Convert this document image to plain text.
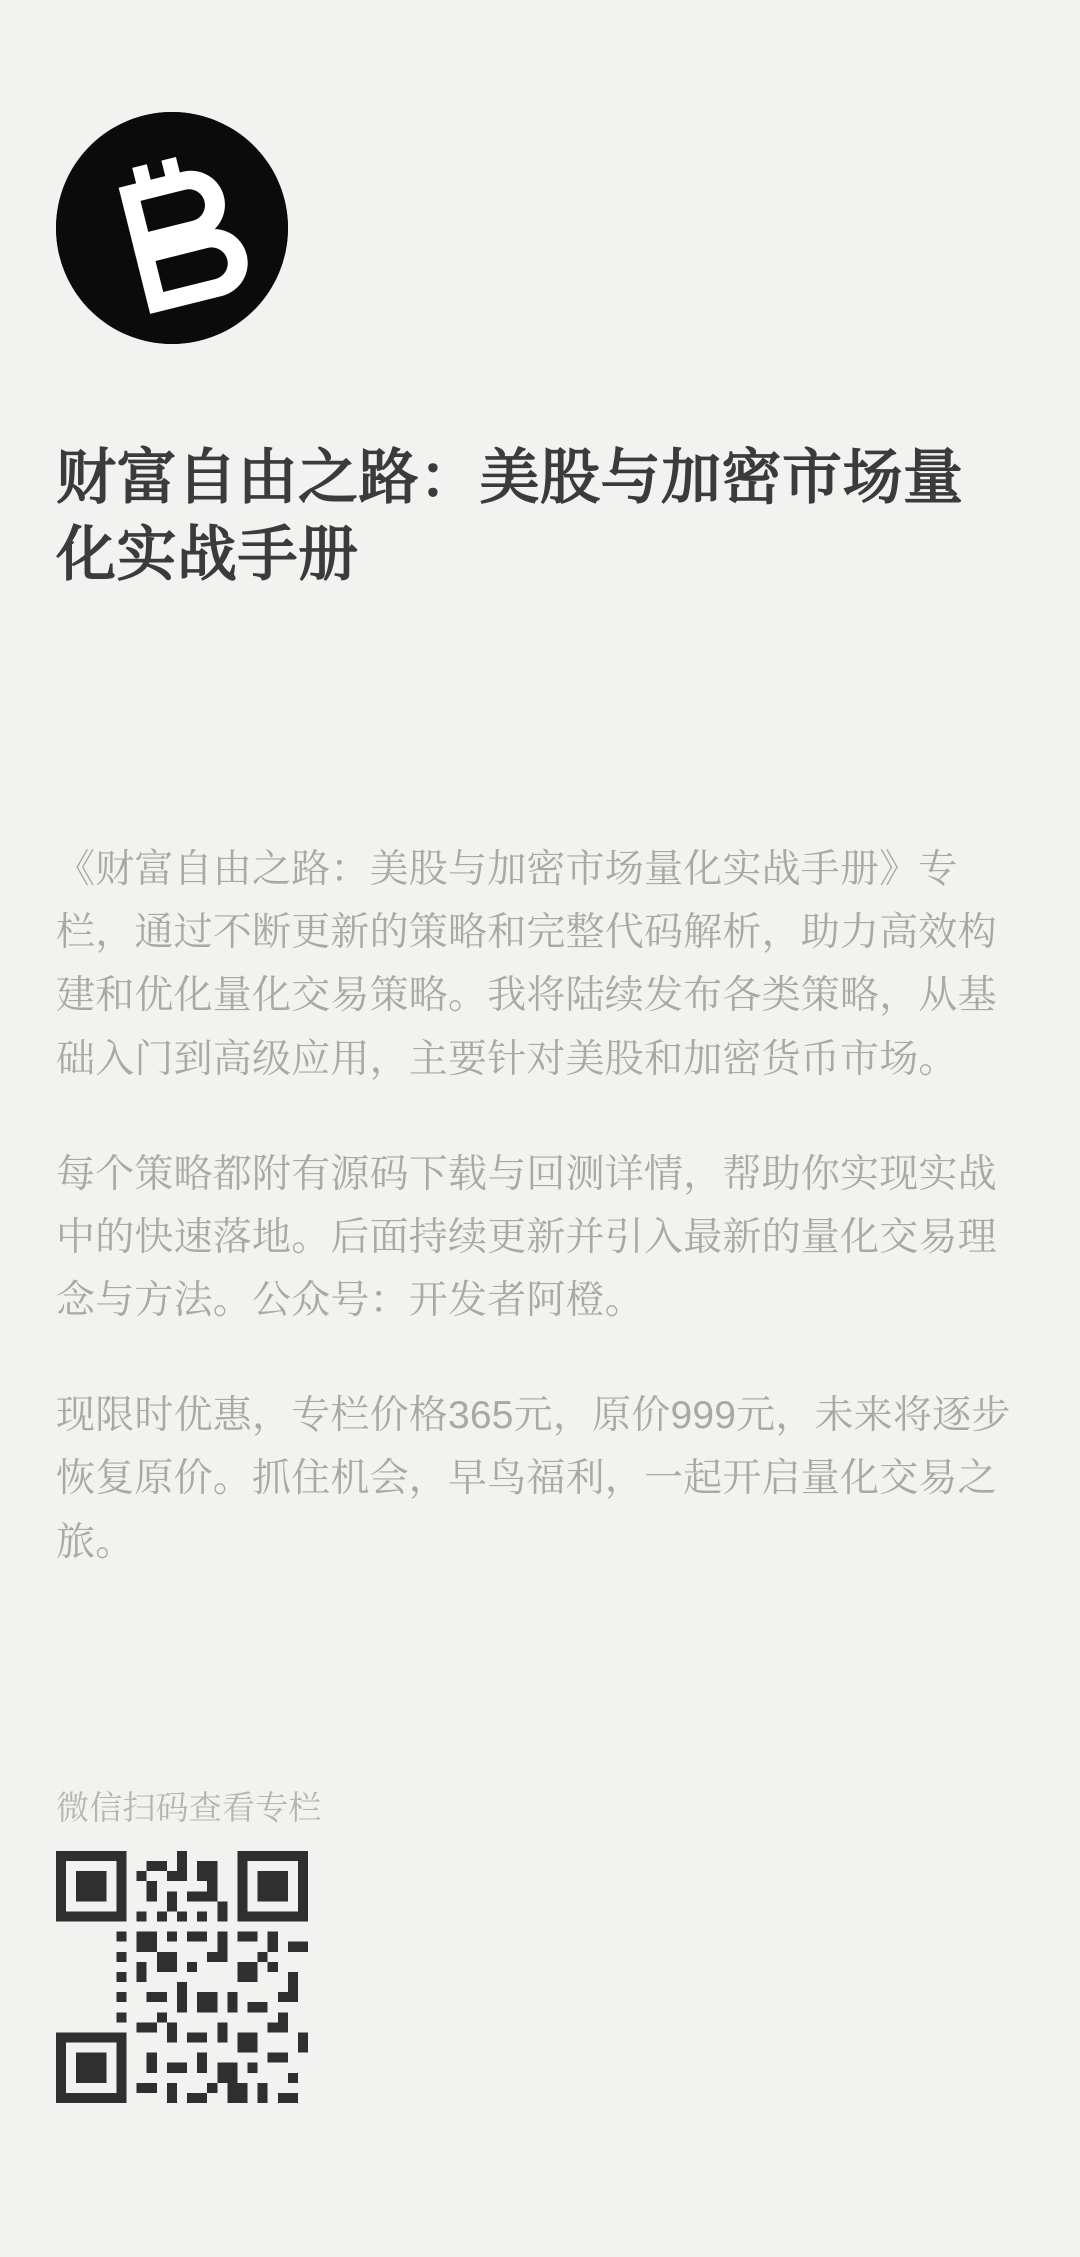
财富自由之路：美股与加密市场量化实战手册

《财富自由之路：美股与加密市场量化实战手册》专栏，通过不断更新的策略和完整代码解析，助力高效构建和优化量化交易策略。我将陆续发布各类策略，从基础入门到高级应用，主要针对美股和加密货币市场。

每个策略都附有源码下载与回测详情，帮助你实现实战中的快速落地。后面持续更新并引入最新的量化交易理念与方法。公众号：开发者阿橙。

现限时优惠，专栏价格365元，原价999元，未来将逐步恢复原价。抓住机会，早鸟福利，一起开启量化交易之旅。

微信扫码查看专栏
